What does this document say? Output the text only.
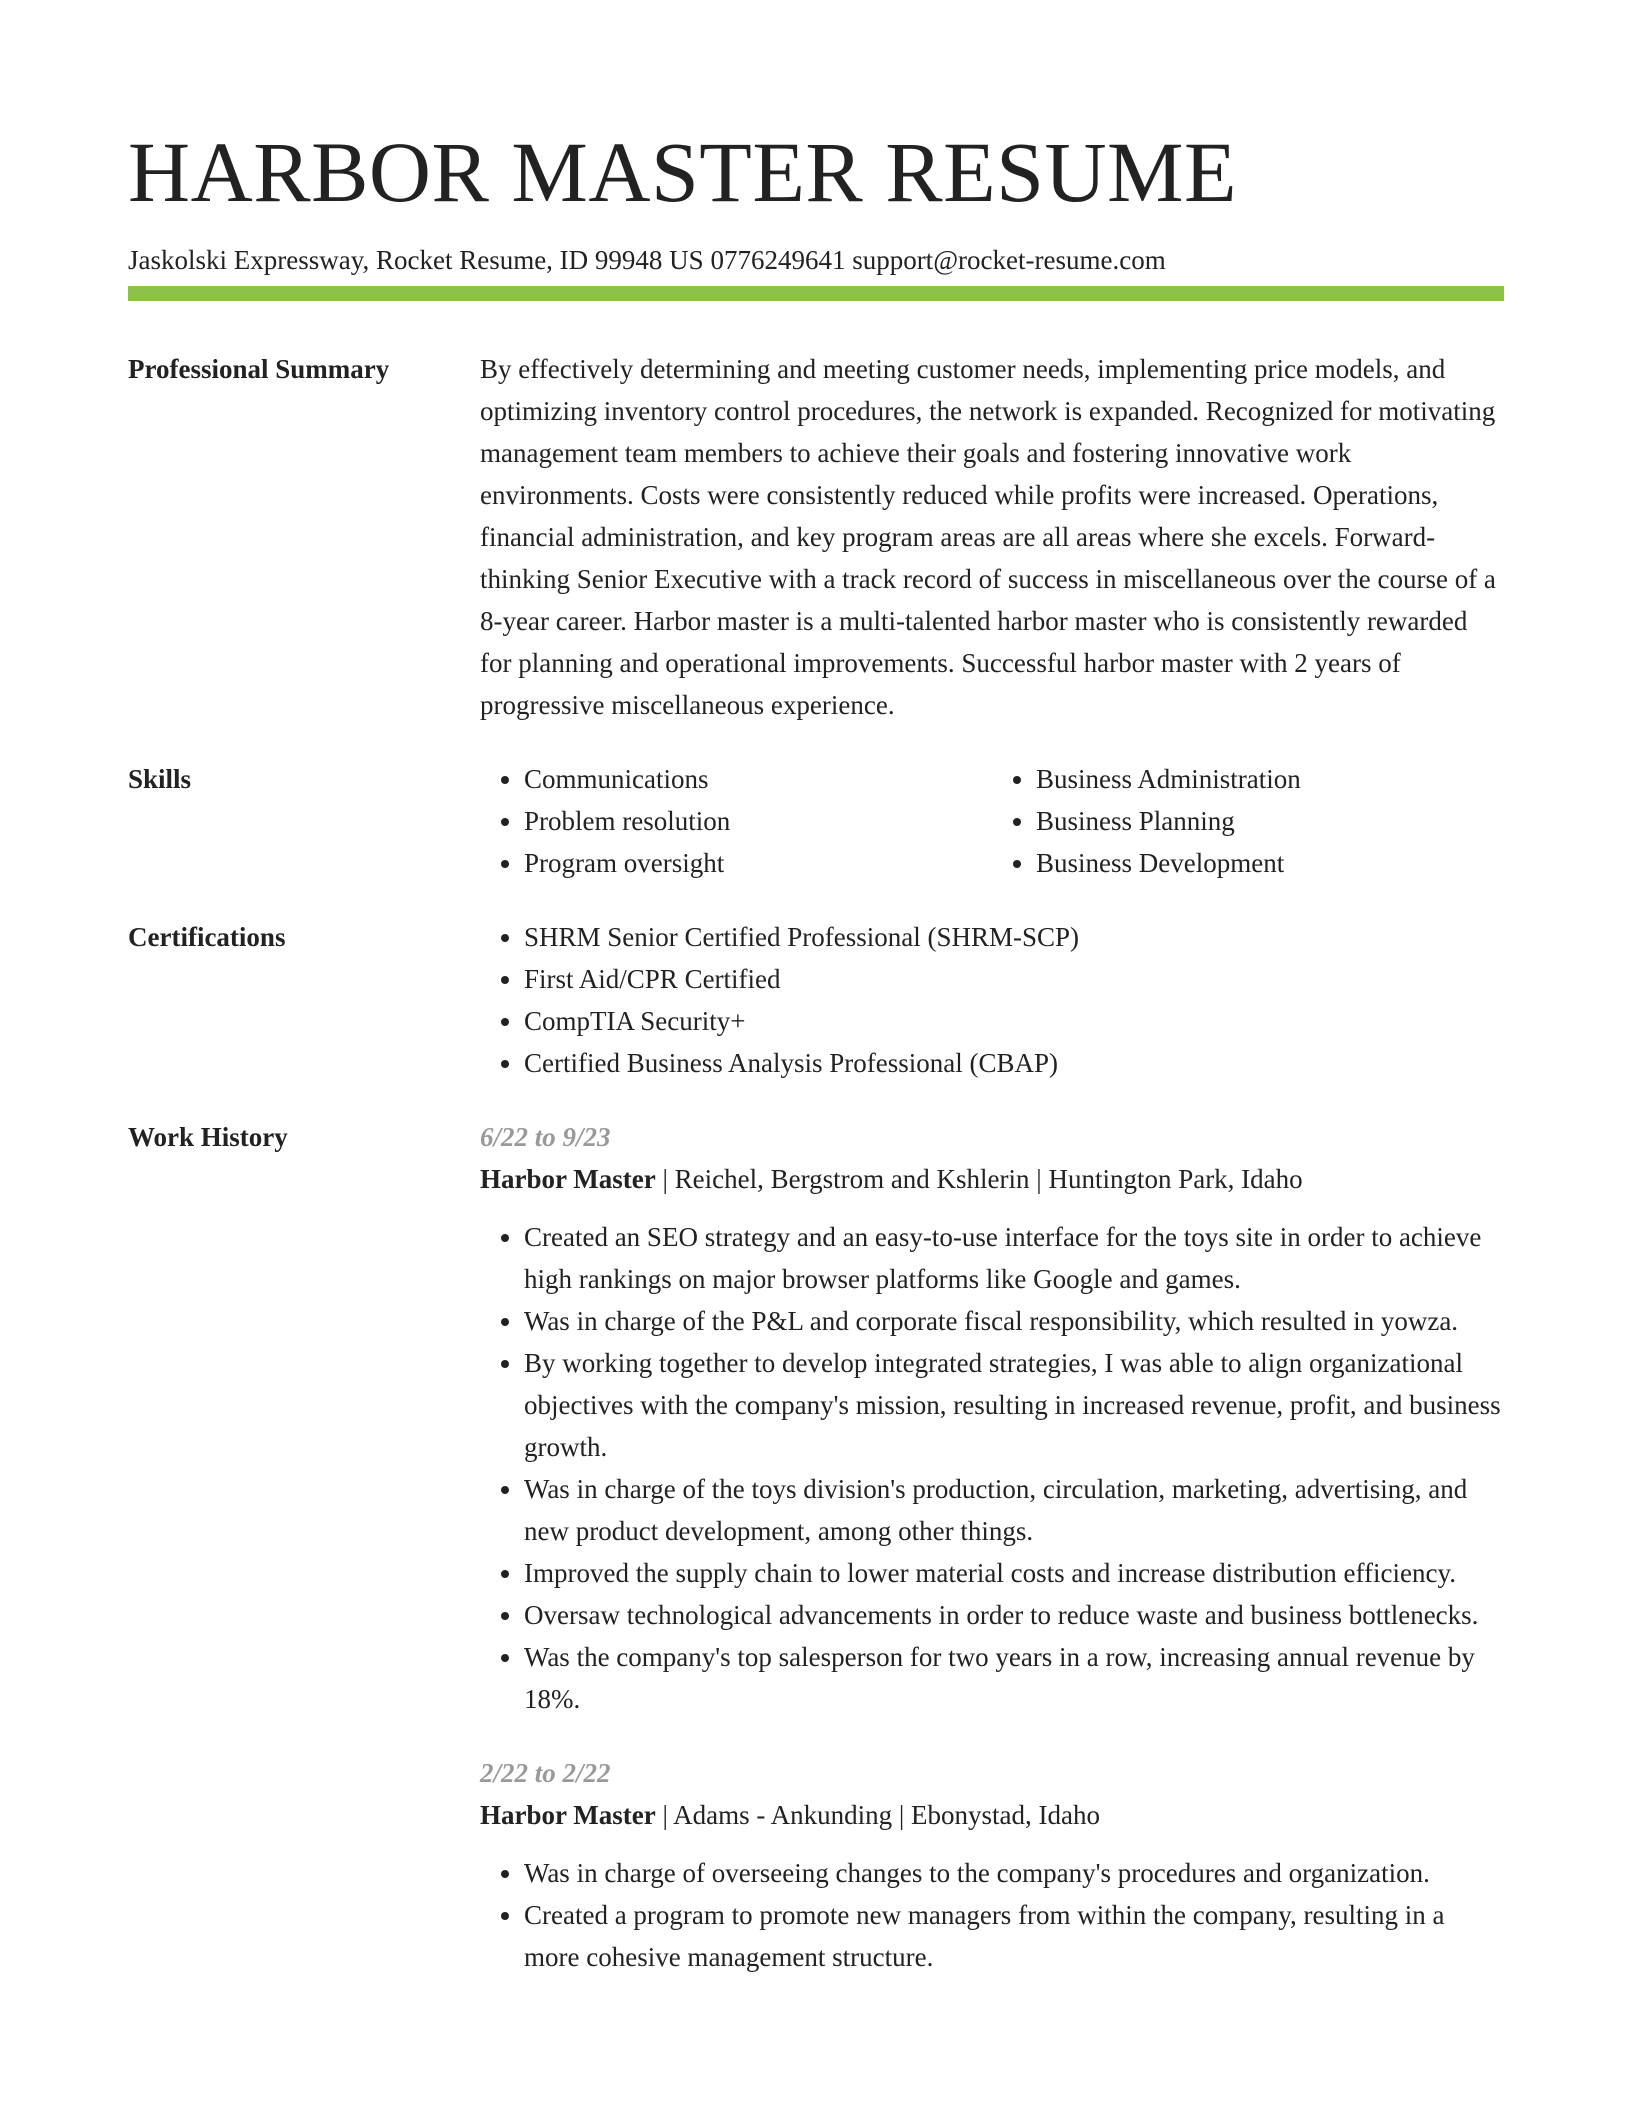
HARBOR MASTER RESUME
Jaskolski Expressway, Rocket Resume, ID 99948 US 0776249641 support@rocket-resume.com
Professional Summary	By effectively determining and meeting customer needs, implementing price models, and optimizing inventory control procedures, the network is expanded. Recognized for motivating management team members to achieve their goals and fostering innovative work environments. Costs were consistently reduced while profits were increased. Operations, financial administration, and key program areas are all areas where she excels. Forward-thinking Senior Executive with a track record of success in miscellaneous over the course of a 8-year career. Harbor master is a multi-talented harbor master who is consistently rewarded for planning and operational improvements. Successful harbor master with 2 years of progressive miscellaneous experience.

Skills	• Communications
• Problem resolution
• Program oversight
• Business Administration
• Business Planning
• Business Development
Certifications	• SHRM Senior Certified Professional (SHRM-SCP)
• First Aid/CPR Certified
• CompTIA Security+
• Certified Business Analysis Professional (CBAP)
Work History	6/22 to 9/23
Harbor Master | Reichel, Bergstrom and Kshlerin | Huntington Park, Idaho
• Created an SEO strategy and an easy-to-use interface for the toys site in order to achieve high rankings on major browser platforms like Google and games.
• Was in charge of the P&L and corporate fiscal responsibility, which resulted in yowza.
• By working together to develop integrated strategies, I was able to align organizational objectives with the company's mission, resulting in increased revenue, profit, and business growth.
• Was in charge of the toys division's production, circulation, marketing, advertising, and new product development, among other things.
• Improved the supply chain to lower material costs and increase distribution efficiency.
• Oversaw technological advancements in order to reduce waste and business bottlenecks.
• Was the company's top salesperson for two years in a row, increasing annual revenue by 18%.
2/22 to 2/22
Harbor Master | Adams - Ankunding | Ebonystad, Idaho
• Was in charge of overseeing changes to the company's procedures and organization.
• Created a program to promote new managers from within the company, resulting in a more cohesive management structure.
